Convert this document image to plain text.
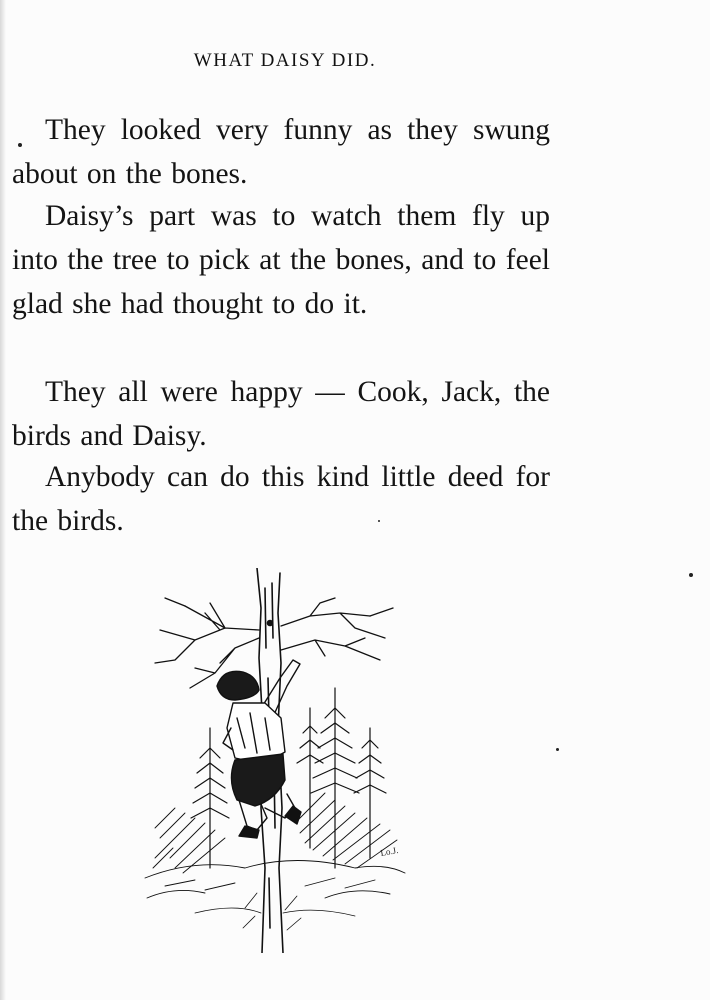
WHAT DAISY DID.

They looked very funny as they swung about on the bones.

Daisy’s part was to watch them fly up into the tree to pick at the bones, and to feel glad she had thought to do it.

They all were happy — Cook, Jack, the birds and Daisy.

Anybody can do this kind little deed for the birds.

Lo.J.
